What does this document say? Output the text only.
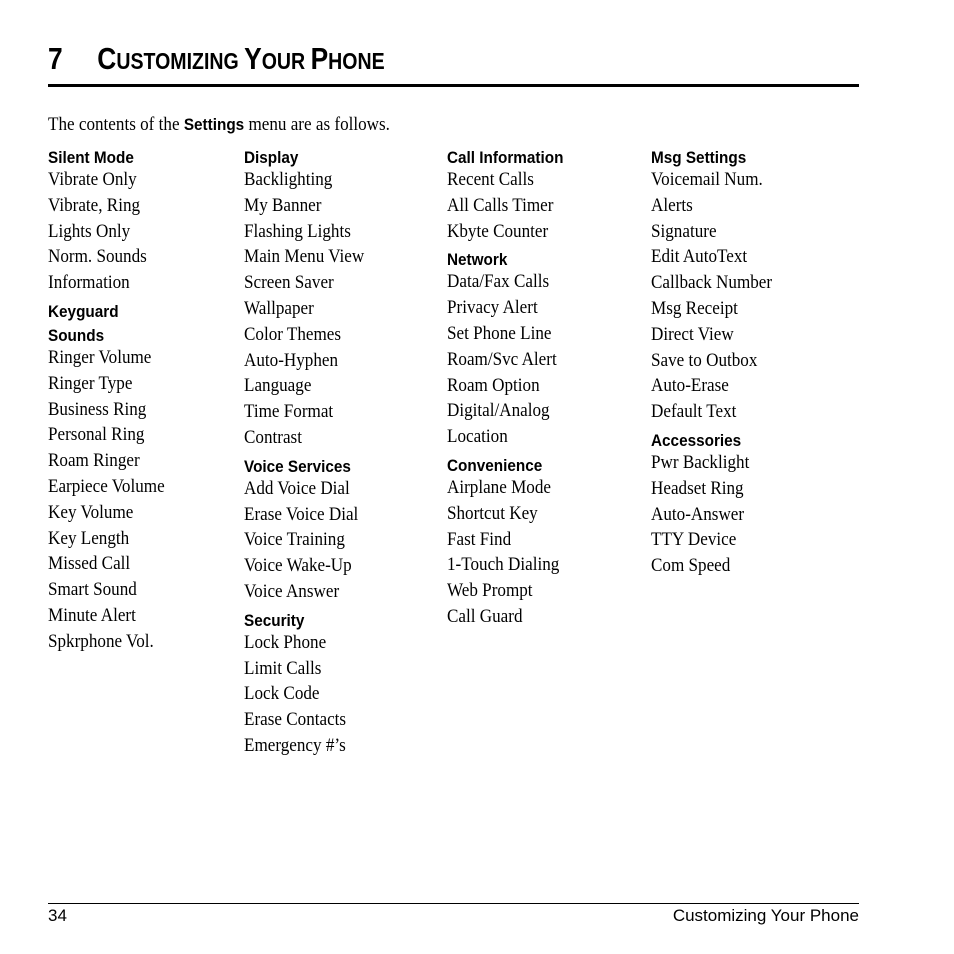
7 CUSTOMIZING YOUR PHONE
The contents of the Settings menu are as follows.
Silent Mode
Vibrate Only
Vibrate, Ring
Lights Only
Norm. Sounds
Information
Keyguard
Sounds
Ringer Volume
Ringer Type
Business Ring
Personal Ring
Roam Ringer
Earpiece Volume
Key Volume
Key Length
Missed Call
Smart Sound
Minute Alert
Spkrphone Vol.
Display
Backlighting
My Banner
Flashing Lights
Main Menu View
Screen Saver
Wallpaper
Color Themes
Auto-Hyphen
Language
Time Format
Contrast
Voice Services
Add Voice Dial
Erase Voice Dial
Voice Training
Voice Wake-Up
Voice Answer
Security
Lock Phone
Limit Calls
Lock Code
Erase Contacts
Emergency #’s
Call Information
Recent Calls
All Calls Timer
Kbyte Counter
Network
Data/Fax Calls
Privacy Alert
Set Phone Line
Roam/Svc Alert
Roam Option
Digital/Analog
Location
Convenience
Airplane Mode
Shortcut Key
Fast Find
1-Touch Dialing
Web Prompt
Call Guard
Msg Settings
Voicemail Num.
Alerts
Signature
Edit AutoText
Callback Number
Msg Receipt
Direct View
Save to Outbox
Auto-Erase
Default Text
Accessories
Pwr Backlight
Headset Ring
Auto-Answer
TTY Device
Com Speed
34	Customizing Your Phone
